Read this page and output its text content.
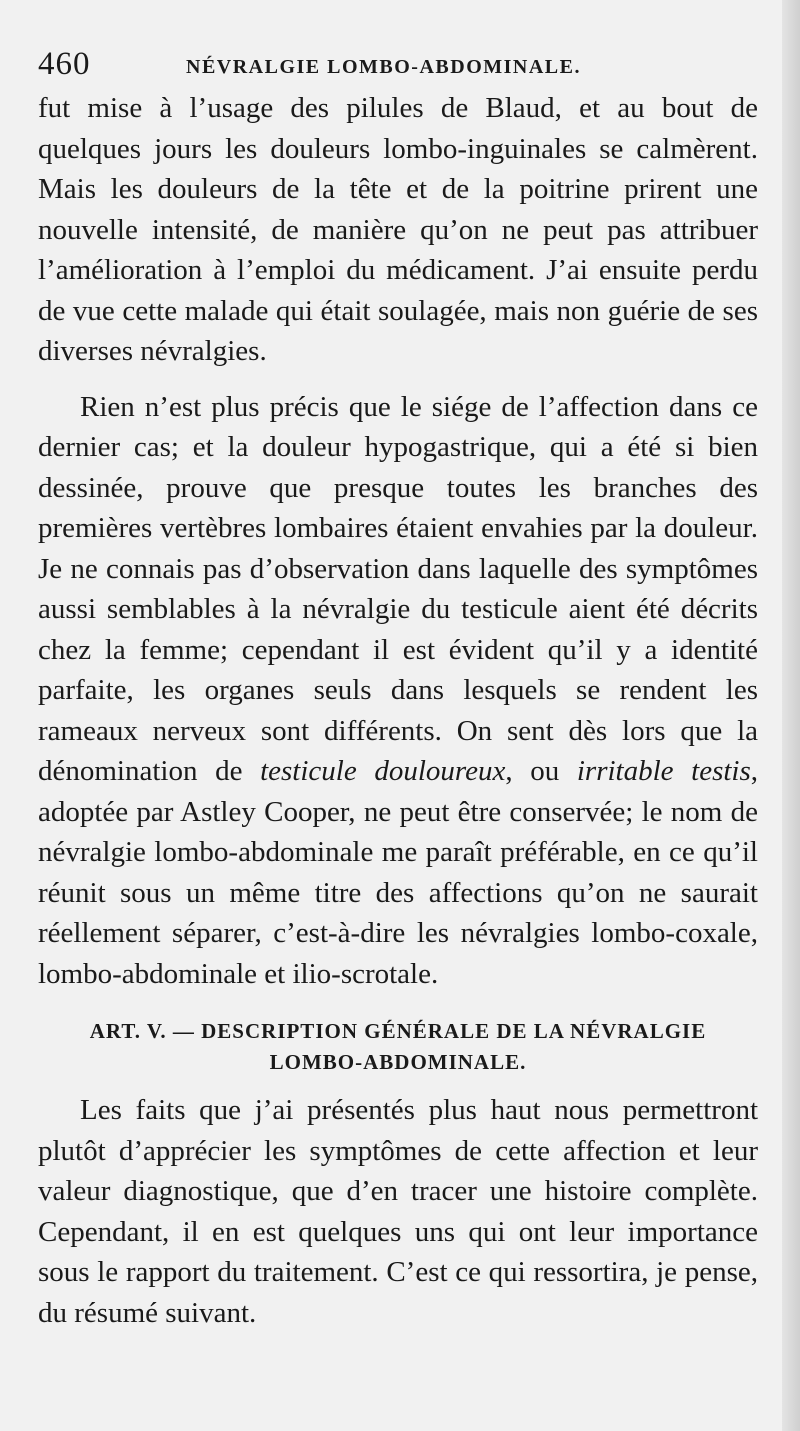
460	NÉVRALGIE LOMBO-ABDOMINALE.

fut mise à l’usage des pilules de Blaud, et au bout de quelques jours les douleurs lombo-inguinales se calmèrent. Mais les douleurs de la tête et de la poitrine prirent une nouvelle intensité, de manière qu’on ne peut pas attribuer l’amélioration à l’emploi du médicament. J’ai ensuite perdu de vue cette malade qui était soulagée, mais non guérie de ses diverses névralgies.

Rien n’est plus précis que le siége de l’affection dans ce dernier cas; et la douleur hypogastrique, qui a été si bien dessinée, prouve que presque toutes les branches des premières vertèbres lombaires étaient envahies par la douleur. Je ne connais pas d’observation dans laquelle des symptômes aussi semblables à la névralgie du testicule aient été décrits chez la femme; cependant il est évident qu’il y a identité parfaite, les organes seuls dans lesquels se rendent les rameaux nerveux sont différents. On sent dès lors que la dénomination de testicule douloureux, ou irritable testis, adoptée par Astley Cooper, ne peut être conservée; le nom de névralgie lombo-abdominale me paraît préférable, en ce qu’il réunit sous un même titre des affections qu’on ne saurait réellement séparer, c’est-à-dire les névralgies lombo-coxale, lombo-abdominale et ilio-scrotale.

ART. V. — DESCRIPTION GÉNÉRALE DE LA NÉVRALGIE
LOMBO-ABDOMINALE.

Les faits que j’ai présentés plus haut nous permettront plutôt d’apprécier les symptômes de cette affection et leur valeur diagnostique, que d’en tracer une histoire complète. Cependant, il en est quelques uns qui ont leur importance sous le rapport du traitement. C’est ce qui ressortira, je pense, du résumé suivant.
